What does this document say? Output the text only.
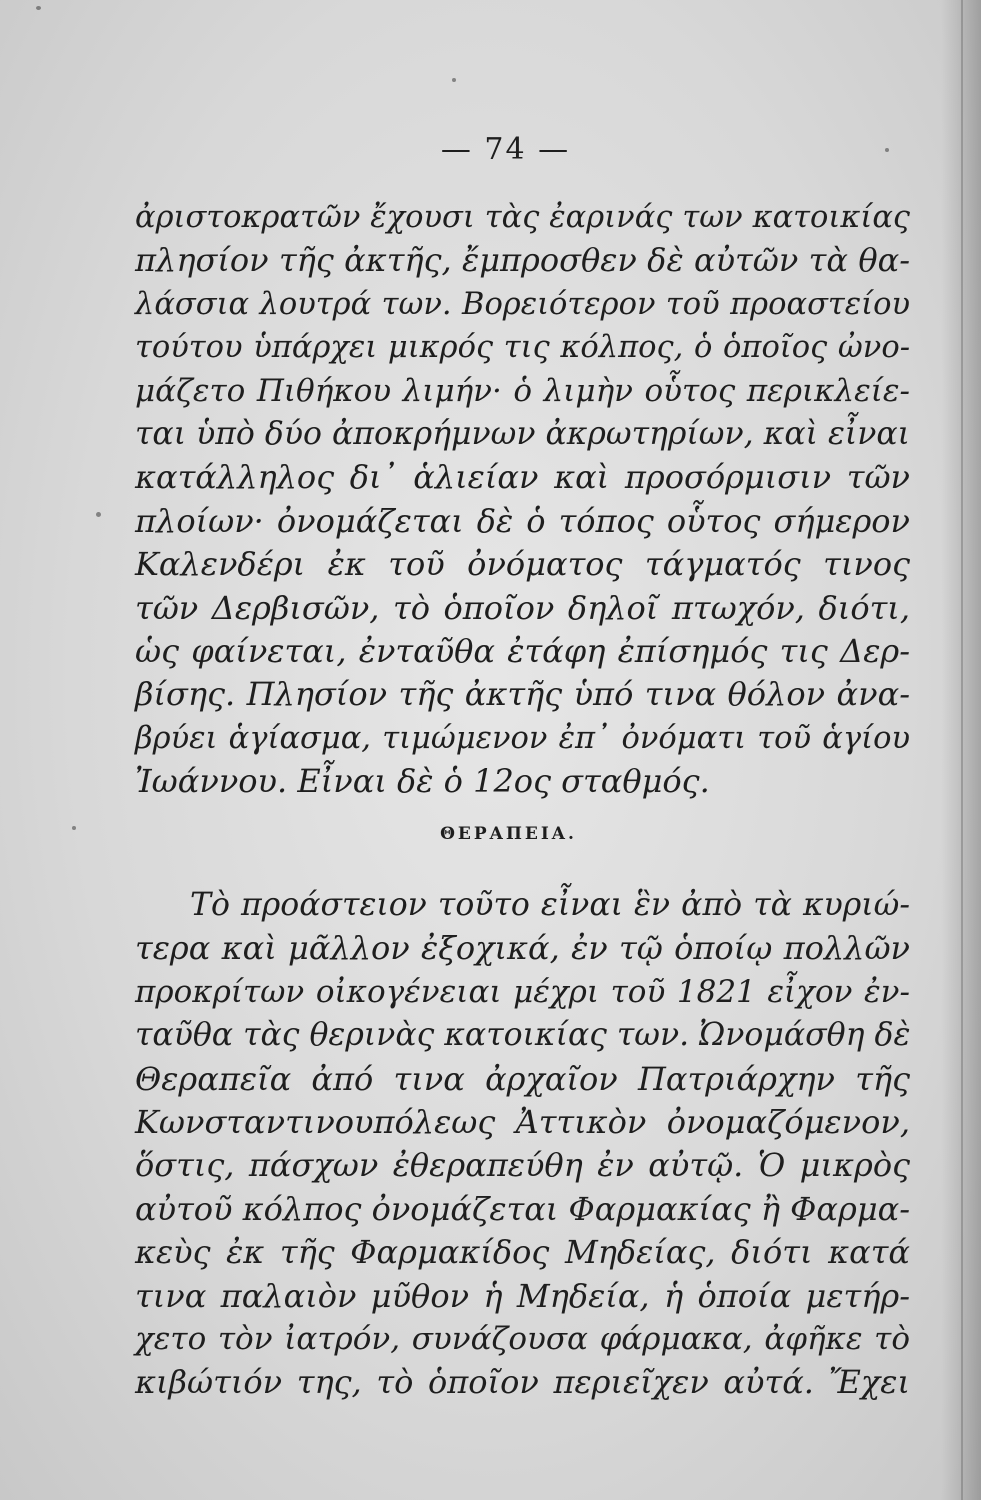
— 74 —
ἀριστοκρατῶν ἔχουσι τὰς ἐαρινάς των κατοικίας
πλησίον τῆς ἀκτῆς, ἔμπροσθεν δὲ αὐτῶν τὰ θα-
λάσσια λουτρά των. Βορειότερον τοῦ προαστείου
τούτου ὑπάρχει μικρός τις κόλπος, ὁ ὁποῖος ὠνο-
μάζετο Πιθήκου λιμήν· ὁ λιμὴν οὗτος περικλείε-
ται ὑπὸ δύο ἀποκρήμνων ἀκρωτηρίων, καὶ εἶναι
κατάλληλος δι᾽ ἁλιείαν καὶ προσόρμισιν τῶν
πλοίων· ὀνομάζεται δὲ ὁ τόπος οὗτος σήμερον
Καλενδέρι ἐκ τοῦ ὀνόματος τάγματός τινος
τῶν Δερβισῶν, τὸ ὁποῖον δηλοῖ πτωχόν, διότι,
ὡς φαίνεται, ἐνταῦθα ἐτάφη ἐπίσημός τις Δερ-
βίσης. Πλησίον τῆς ἀκτῆς ὑπό τινα θόλον ἀνα-
βρύει ἁγίασμα, τιμώμενον ἐπ᾽ ὀνόματι τοῦ ἁγίου
Ἰωάννου. Εἶναι δὲ ὁ 12ος σταθμός.
ΘΕΡΑΠΕΙΑ.
Τὸ προάστειον τοῦτο εἶναι ἓν ἀπὸ τὰ κυριώ-
τερα καὶ μᾶλλον ἐξοχικά, ἐν τῷ ὁποίῳ πολλῶν
προκρίτων οἰκογένειαι μέχρι τοῦ 1821 εἶχον ἐν-
ταῦθα τὰς θερινὰς κατοικίας των. Ὠνομάσθη δὲ
Θεραπεῖα ἀπό τινα ἀρχαῖον Πατριάρχην τῆς
Κωνσταντινουπόλεως Ἀττικὸν ὀνομαζόμενον,
ὅστις, πάσχων ἐθεραπεύθη ἐν αὐτῷ. Ὁ μικρὸς
αὐτοῦ κόλπος ὀνομάζεται Φαρμακίας ἢ Φαρμα-
κεὺς ἐκ τῆς Φαρμακίδος Μηδείας, διότι κατά
τινα παλαιὸν μῦθον ἡ Μηδεία, ἡ ὁποία μετήρ-
χετο τὸν ἰατρόν, συνάζουσα φάρμακα, ἀφῆκε τὸ
κιβώτιόν της, τὸ ὁποῖον περιεῖχεν αὐτά. Ἔχει
